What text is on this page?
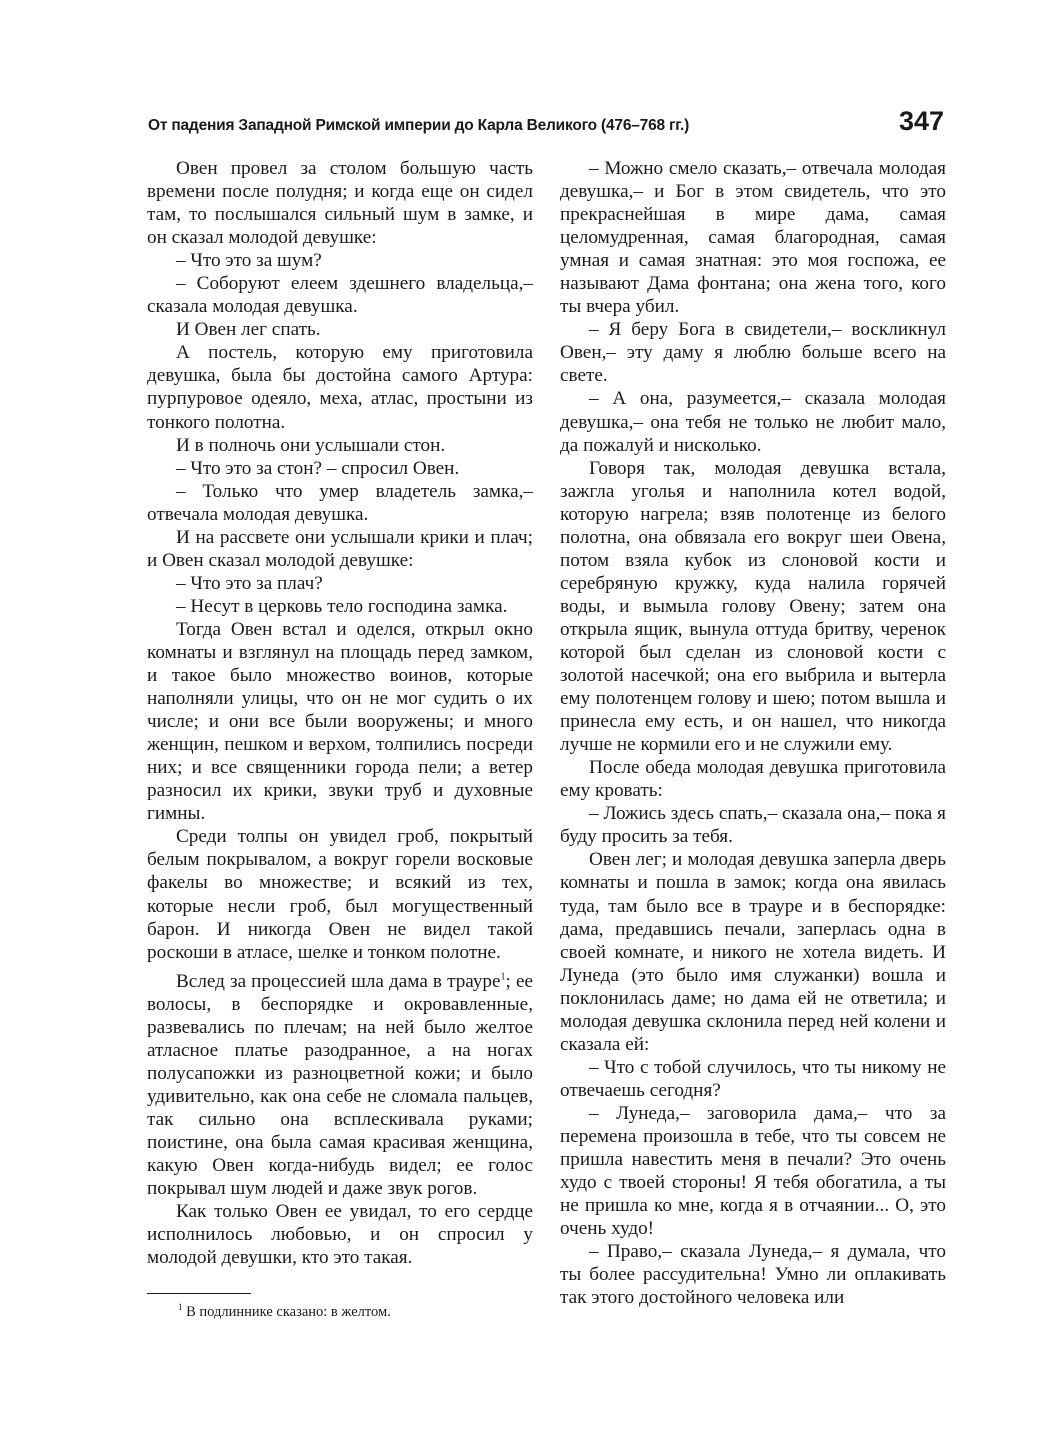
От падения Западной Римской империи до Карла Великого (476–768 гг.)	347

Овен провел за столом большую часть времени после полудня; и когда еще он сидел там, то послышался сильный шум в замке, и он сказал молодой девушке:

– Что это за шум?

– Соборуют елеем здешнего владельца,– сказала молодая девушка.

И Овен лег спать.

А постель, которую ему приготовила девушка, была бы достойна самого Артура: пурпуровое одеяло, меха, атлас, простыни из тонкого полотна.

И в полночь они услышали стон.

– Что это за стон? – спросил Овен.

– Только что умер владетель замка,– отвечала молодая девушка.

И на рассвете они услышали крики и плач; и Овен сказал молодой девушке:

– Что это за плач?

– Несут в церковь тело господина замка.

Тогда Овен встал и оделся, открыл окно комнаты и взглянул на площадь перед замком, и такое было множество воинов, которые наполняли улицы, что он не мог судить о их числе; и они все были вооружены; и много женщин, пешком и верхом, толпились посреди них; и все священники города пели; а ветер разносил их крики, звуки труб и духовные гимны.

Среди толпы он увидел гроб, покрытый белым покрывалом, а вокруг горели восковые факелы во множестве; и всякий из тех, которые несли гроб, был могущественный барон. И никогда Овен не видел такой роскоши в атласе, шелке и тонком полотне.

Вслед за процессией шла дама в трауре$^1$; ее волосы, в беспорядке и окровавленные, развевались по плечам; на ней было желтое атласное платье разодранное, а на ногах полусапожки из разноцветной кожи; и было удивительно, как она себе не сломала пальцев, так сильно она всплескивала руками; поистине, она была самая красивая женщина, какую Овен когда-нибудь видел; ее голос покрывал шум людей и даже звук рогов.

Как только Овен ее увидал, то его сердце исполнилось любовью, и он спросил у молодой девушки, кто это такая.

– Можно смело сказать,– отвечала молодая девушка,– и Бог в этом свидетель, что это прекраснейшая в мире дама, самая целомудренная, самая благородная, самая умная и самая знатная: это моя госпожа, ее называют Дама фонтана; она жена того, кого ты вчера убил.

– Я беру Бога в свидетели,– воскликнул Овен,– эту даму я люблю больше всего на свете.

– А она, разумеется,– сказала молодая девушка,– она тебя не только не любит мало, да пожалуй и нисколько.

Говоря так, молодая девушка встала, зажгла уголья и наполнила котел водой, которую нагрела; взяв полотенце из белого полотна, она обвязала его вокруг шеи Овена, потом взяла кубок из слоновой кости и серебряную кружку, куда налила горячей воды, и вымыла голову Овену; затем она открыла ящик, вынула оттуда бритву, черенок которой был сделан из слоновой кости с золотой насечкой; она его выбрила и вытерла ему полотенцем голову и шею; потом вышла и принесла ему есть, и он нашел, что никогда лучше не кормили его и не служили ему.

После обеда молодая девушка приготовила ему кровать:

– Ложись здесь спать,– сказала она,– пока я буду просить за тебя.

Овен лег; и молодая девушка заперла дверь комнаты и пошла в замок; когда она явилась туда, там было все в трауре и в беспорядке: дама, предавшись печали, заперлась одна в своей комнате, и никого не хотела видеть. И Лунеда (это было имя служанки) вошла и поклонилась даме; но дама ей не ответила; и молодая девушка склонила перед ней колени и сказала ей:

– Что с тобой случилось, что ты никому не отвечаешь сегодня?

– Лунеда,– заговорила дама,– что за перемена произошла в тебе, что ты совсем не пришла навестить меня в печали? Это очень худо с твоей стороны! Я тебя обогатила, а ты не пришла ко мне, когда я в отчаянии... О, это очень худо!

– Право,– сказала Лунеда,– я думала, что ты более рассудительна! Умно ли оплакивать так этого достойного человека или

$^1$ В подлиннике сказано: в желтом.
